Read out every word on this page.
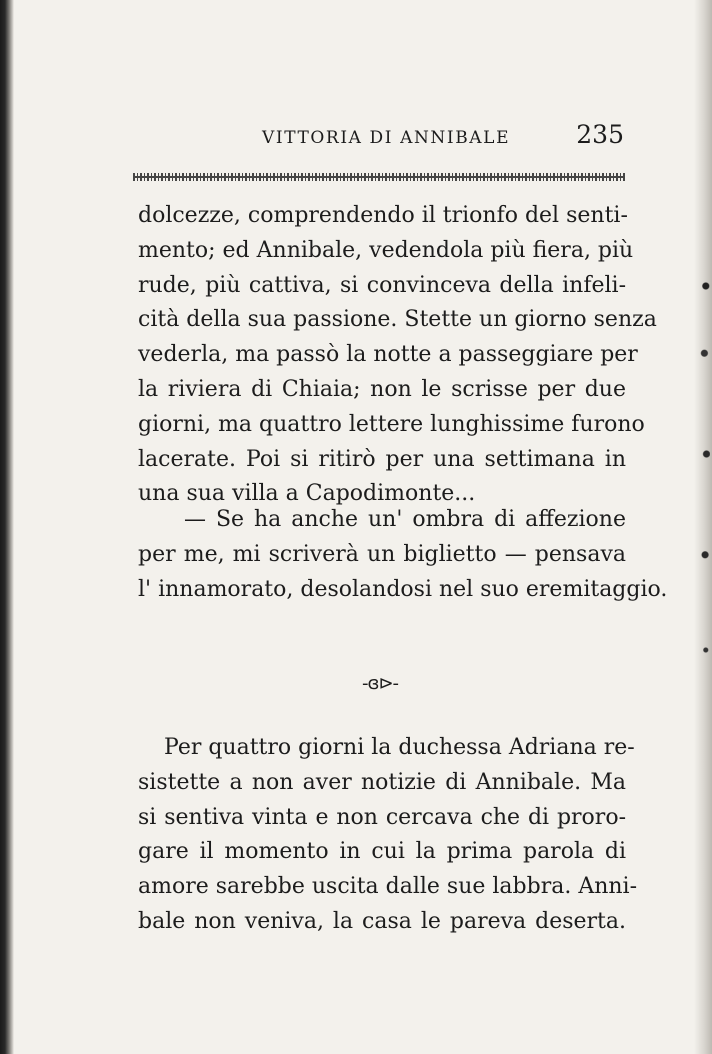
VITTORIA DI ANNIBALE	235
dolcezze, comprendendo il trionfo del senti-
mento; ed Annibale, vedendola più fiera, più
rude, più cattiva, si convinceva della infeli-
cità della sua passione. Stette un giorno senza
vederla, ma passò la notte a passeggiare per
la riviera di Chiaia; non le scrisse per due
giorni, ma quattro lettere lunghissime furono
lacerate. Poi si ritirò per una settimana in
una sua villa a Capodimonte...
— Se ha anche un' ombra di affezione
per me, mi scriverà un biglietto — pensava
l' innamorato, desolandosi nel suo eremitaggio.
-ɞ⊳-
Per quattro giorni la duchessa Adriana re-
sistette a non aver notizie di Annibale. Ma
si sentiva vinta e non cercava che di proro-
gare il momento in cui la prima parola di
amore sarebbe uscita dalle sue labbra. Anni-
bale non veniva, la casa le pareva deserta.
